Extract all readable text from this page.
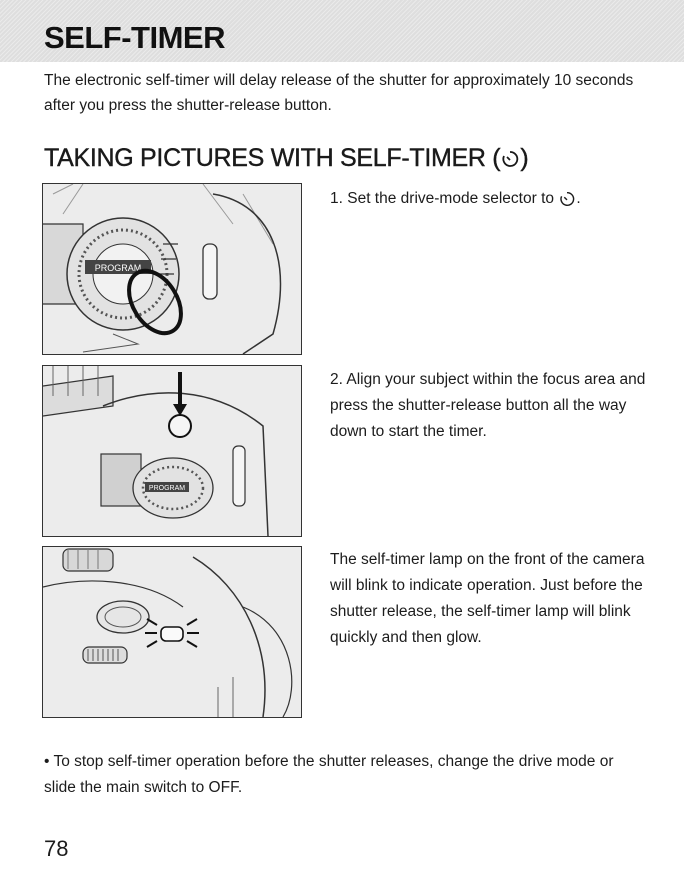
SELF-TIMER

The electronic self-timer will delay release of the shutter for approximately 10 seconds after you press the shutter-release button.

TAKING PICTURES WITH SELF-TIMER ( )
PROGRAM

1. Set the drive-mode selector to .

PROGRAM

2. Align your subject within the focus area and press the shutter-release button all the way down to start the timer.

The self-timer lamp on the front of the camera will blink to indicate operation. Just before the shutter release, the self-timer lamp will blink quickly and then glow.

• To stop self-timer operation before the shutter releases, change the drive mode or slide the main switch to OFF.

78
